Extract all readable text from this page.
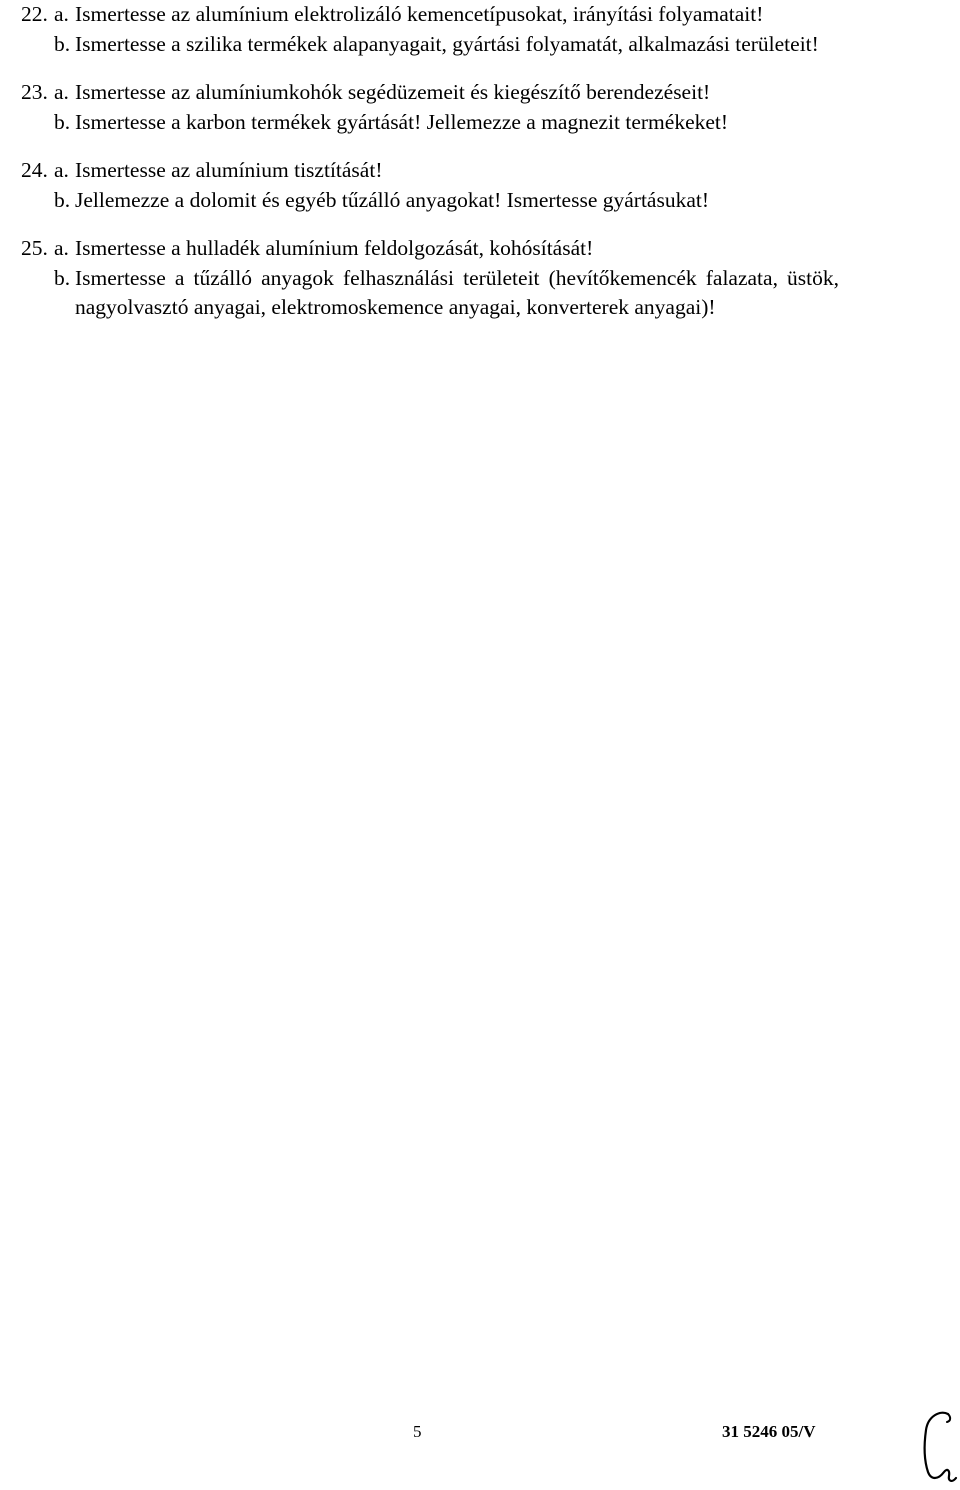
22. a. Ismertesse az alumínium elektrolizáló kemencetípusokat, irányítási folyamatait!
b. Ismertesse a szilika termékek alapanyagait, gyártási folyamatát, alkalmazási területeit!
23. a. Ismertesse az alumíniumkohók segédüzemeit és kiegészítő berendezéseit!
b. Ismertesse a karbon termékek gyártását! Jellemezze a magnezit termékeket!
24. a. Ismertesse az alumínium tisztítását!
b. Jellemezze a dolomit és egyéb tűzálló anyagokat! Ismertesse gyártásukat!
25. a. Ismertesse a hulladék alumínium feldolgozását, kohósítását!
b. Ismertesse a tűzálló anyagok felhasználási területeit (hevítőkemencék falazata, üstök, nagyolvasztó anyagai, elektromoskemence anyagai, konverterek anyagai)!
5	31 5246 05/V
